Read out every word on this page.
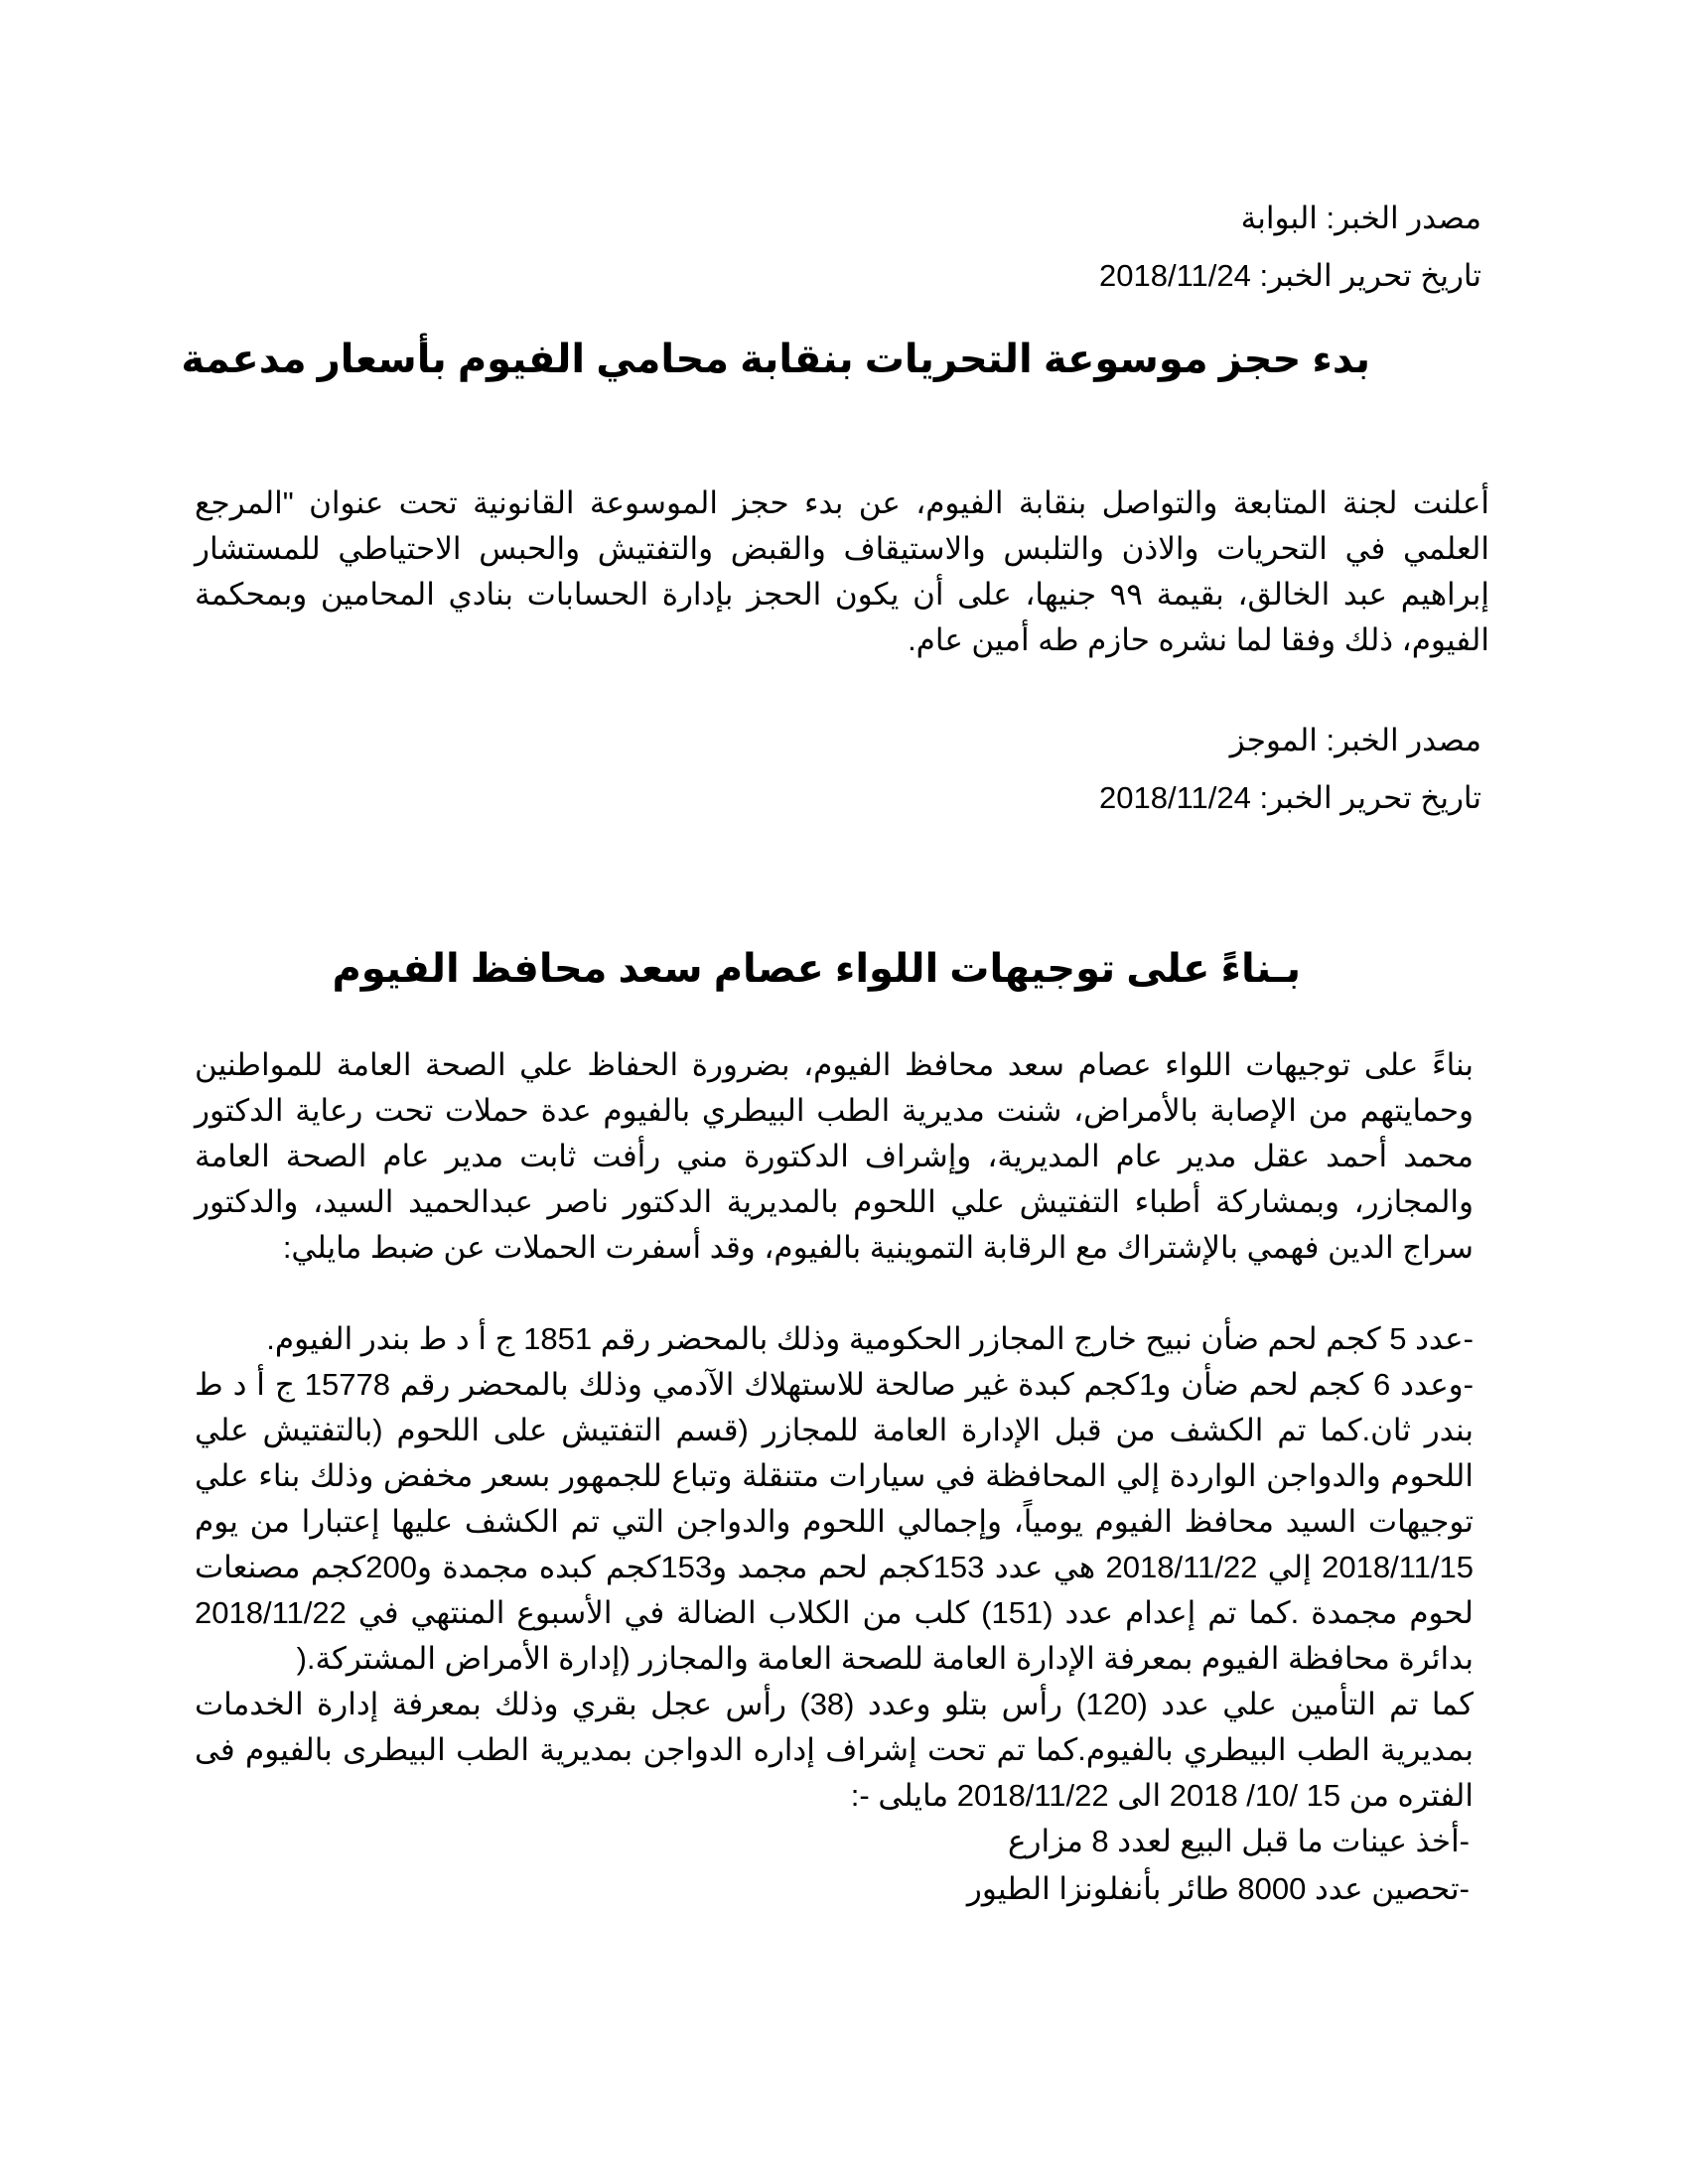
مصدر الخبر: البوابة
تاريخ تحرير الخبر: 2018/11/24
بدء حجز موسوعة التحريات بنقابة محامي الفيوم بأسعار مدعمة
أعلنت لجنة المتابعة والتواصل بنقابة الفيوم، عن بدء حجز الموسوعة القانونية تحت عنوان "المرجع العلمي في التحريات والاذن والتلبس والاستيقاف والقبض والتفتيش والحبس الاحتياطي للمستشار إبراهيم عبد الخالق، بقيمة ٩٩ جنيها، على أن يكون الحجز بإدارة الحسابات بنادي المحامين وبمحكمة الفيوم، ذلك وفقا لما نشره حازم طه أمين عام.
مصدر الخبر: الموجز
تاريخ تحرير الخبر: 2018/11/24
بـناءً على توجيهات اللواء عصام سعد محافظ الفيوم
بناءً على توجيهات اللواء عصام سعد محافظ الفيوم، بضرورة الحفاظ علي الصحة العامة للمواطنين وحمايتهم من الإصابة بالأمراض، شنت مديرية الطب البيطري بالفيوم عدة حملات تحت رعاية الدكتور محمد أحمد عقل مدير عام المديرية، وإشراف الدكتورة مني رأفت ثابت مدير عام الصحة العامة والمجازر، وبمشاركة أطباء التفتيش علي اللحوم بالمديرية الدكتور ناصر عبدالحميد السيد، والدكتور سراج الدين فهمي بالإشتراك مع الرقابة التموينية بالفيوم، وقد أسفرت الحملات عن ضبط مايلي:
-عدد 5 كجم لحم ضأن نبيح خارج المجازر الحكومية وذلك بالمحضر رقم 1851 ج أ د ط بندر الفيوم.
-وعدد 6 كجم لحم ضأن و1كجم كبدة غير صالحة للاستهلاك الآدمي وذلك بالمحضر رقم 15778 ج أ د ط بندر ثان.كما تم الكشف من قبل الإدارة العامة للمجازر (قسم التفتيش على اللحوم (بالتفتيش علي اللحوم والدواجن الواردة إلي المحافظة في سيارات متنقلة وتباع للجمهور بسعر مخفض وذلك بناء علي توجيهات السيد محافظ الفيوم يومياً، وإجمالي اللحوم والدواجن التي تم الكشف عليها إعتبارا من يوم 2018/11/15 إلي 2018/11/22 هي عدد 153كجم لحم مجمد و153كجم كبده مجمدة و200كجم مصنعات لحوم مجمدة .كما تم إعدام عدد (151) كلب من الكلاب الضالة في الأسبوع المنتهي في 2018/11/22 بدائرة محافظة الفيوم بمعرفة الإدارة العامة للصحة العامة والمجازر (إدارة الأمراض المشتركة.(
كما تم التأمين علي عدد (120) رأس بتلو وعدد (38) رأس عجل بقري وذلك بمعرفة إدارة الخدمات بمديرية الطب البيطري بالفيوم.كما تم تحت إشراف إداره الدواجن بمديرية الطب البيطرى بالفيوم فى الفتره من 15 /10/ 2018 الى 2018/11/22 مايلى -:
-أخذ عينات ما قبل البيع لعدد 8 مزارع
-تحصين عدد 8000 طائر بأنفلونزا الطيور
